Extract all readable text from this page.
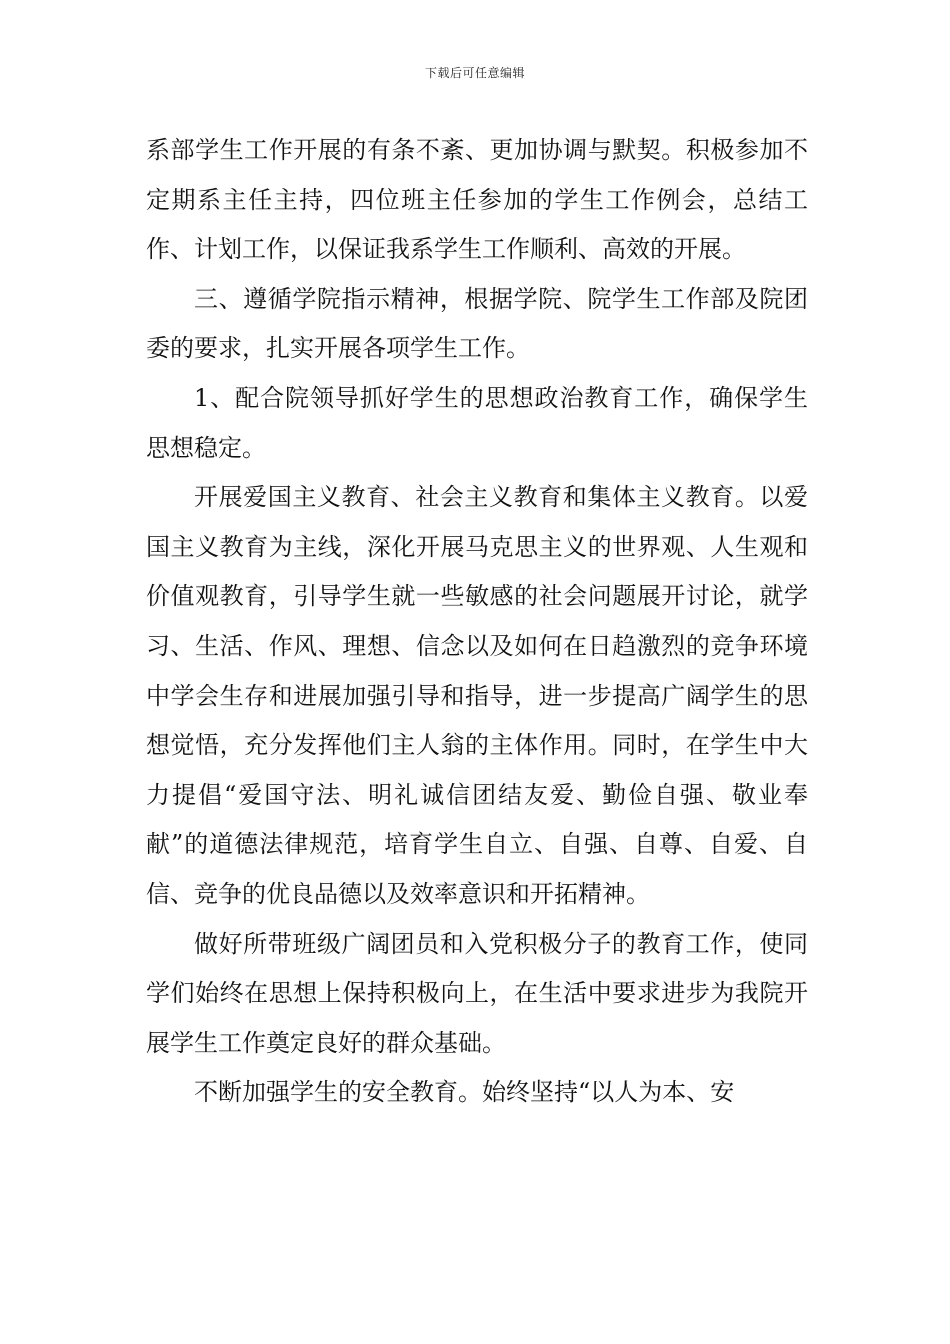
下载后可任意编辑

系部学生工作开展的有条不紊、更加协调与默契。积极参加不定期系主任主持，四位班主任参加的学生工作例会，总结工作、计划工作，以保证我系学生工作顺利、高效的开展。

三、遵循学院指示精神，根据学院、院学生工作部及院团委的要求，扎实开展各项学生工作。

1、配合院领导抓好学生的思想政治教育工作，确保学生思想稳定。

开展爱国主义教育、社会主义教育和集体主义教育。以爱国主义教育为主线，深化开展马克思主义的世界观、人生观和价值观教育，引导学生就一些敏感的社会问题展开讨论，就学习、生活、作风、理想、信念以及如何在日趋激烈的竞争环境中学会生存和进展加强引导和指导，进一步提高广阔学生的思想觉悟，充分发挥他们主人翁的主体作用。同时，在学生中大力提倡“爱国守法、明礼诚信团结友爱、勤俭自强、敬业奉献”的道德法律规范，培育学生自立、自强、自尊、自爱、自信、竞争的优良品德以及效率意识和开拓精神。

做好所带班级广阔团员和入党积极分子的教育工作，使同学们始终在思想上保持积极向上，在生活中要求进步为我院开展学生工作奠定良好的群众基础。

不断加强学生的安全教育。始终坚持“以人为本、安
